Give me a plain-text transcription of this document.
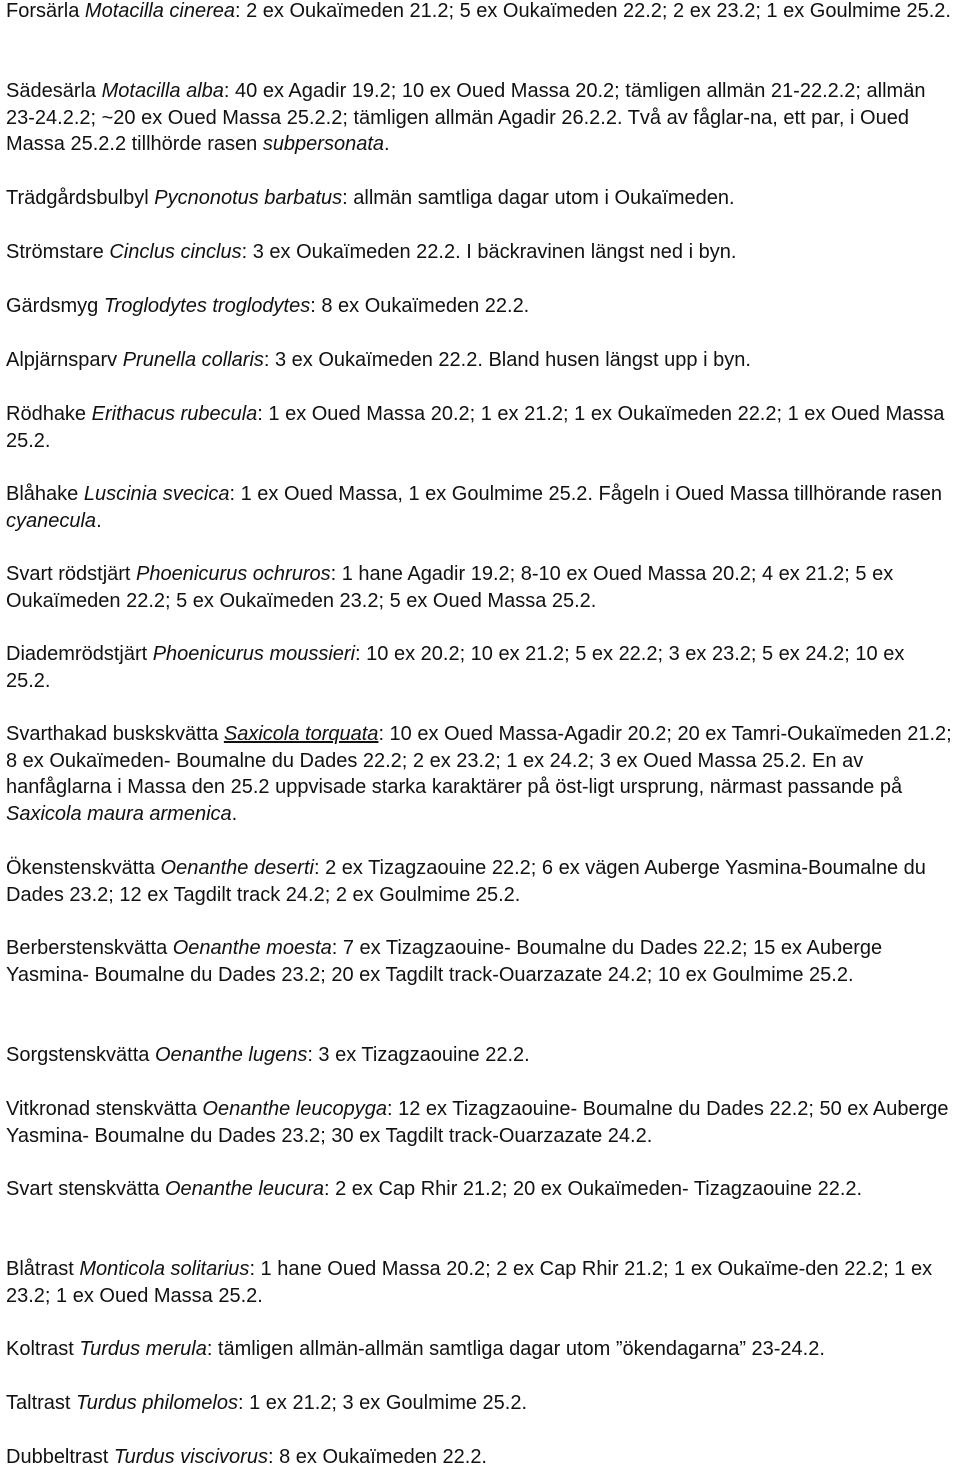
Forsärla Motacilla cinerea: 2 ex Oukaïmeden 21.2; 5 ex Oukaïmeden 22.2; 2 ex 23.2; 1 ex Goulmime 25.2.

Sädesärla Motacilla alba: 40 ex Agadir 19.2; 10 ex Oued Massa 20.2; tämligen allmän 21-22.2.2; allmän 23-24.2.2; ~20 ex Oued Massa 25.2.2; tämligen allmän Agadir 26.2.2. Två av fåglar-na, ett par, i Oued Massa 25.2.2 tillhörde rasen subpersonata.

Trädgårdsbulbyl Pycnonotus barbatus: allmän samtliga dagar utom i Oukaïmeden.

Strömstare Cinclus cinclus: 3 ex Oukaïmeden 22.2. I bäckravinen längst ned i byn.

Gärdsmyg Troglodytes troglodytes: 8 ex Oukaïmeden 22.2.

Alpjärnsparv Prunella collaris: 3 ex Oukaïmeden 22.2. Bland husen längst upp i byn.

Rödhake Erithacus rubecula: 1 ex Oued Massa 20.2; 1 ex 21.2; 1 ex Oukaïmeden 22.2; 1 ex Oued Massa 25.2.

Blåhake Luscinia svecica: 1 ex Oued Massa, 1 ex Goulmime 25.2. Fågeln i Oued Massa tillhörande rasen cyanecula.

Svart rödstjärt Phoenicurus ochruros: 1 hane Agadir 19.2; 8-10 ex Oued Massa 20.2; 4 ex 21.2; 5 ex Oukaïmeden 22.2; 5 ex Oukaïmeden 23.2; 5 ex Oued Massa 25.2.

Diademrödstjärt Phoenicurus moussieri: 10 ex 20.2; 10 ex 21.2; 5 ex 22.2; 3 ex 23.2; 5 ex 24.2; 10 ex 25.2.

Svarthakad buskskvätta Saxicola torquata: 10 ex Oued Massa-Agadir 20.2; 20 ex Tamri-Oukaïmeden 21.2; 8 ex Oukaïmeden- Boumalne du Dades 22.2; 2 ex 23.2; 1 ex 24.2; 3 ex Oued Massa 25.2. En av hanfåglarna i Massa den 25.2 uppvisade starka karaktärer på öst-ligt ursprung, närmast passande på Saxicola maura armenica.

Ökenstenskvätta Oenanthe deserti: 2 ex Tizagzaouine 22.2; 6 ex vägen Auberge Yasmina-Boumalne du Dades 23.2; 12 ex Tagdilt track 24.2; 2 ex Goulmime 25.2.

Berberstenskvätta Oenanthe moesta: 7 ex Tizagzaouine- Boumalne du Dades 22.2; 15 ex Auberge Yasmina- Boumalne du Dades 23.2; 20 ex Tagdilt track-Ouarzazate 24.2; 10 ex Goulmime 25.2.

Sorgstenskvätta Oenanthe lugens: 3 ex Tizagzaouine 22.2.

Vitkronad stenskvätta Oenanthe leucopyga: 12 ex Tizagzaouine- Boumalne du Dades 22.2; 50 ex Auberge Yasmina- Boumalne du Dades 23.2; 30 ex Tagdilt track-Ouarzazate 24.2.

Svart stenskvätta Oenanthe leucura: 2 ex Cap Rhir 21.2; 20 ex Oukaïmeden- Tizagzaouine 22.2.

Blåtrast Monticola solitarius: 1 hane Oued Massa 20.2; 2 ex Cap Rhir 21.2; 1 ex Oukaïme-den 22.2; 1 ex 23.2; 1 ex Oued Massa 25.2.

Koltrast Turdus merula: tämligen allmän-allmän samtliga dagar utom ”ökendagarna” 23-24.2.

Taltrast Turdus philomelos: 1 ex 21.2; 3 ex Goulmime 25.2.

Dubbeltrast Turdus viscivorus: 8 ex Oukaïmeden 22.2.
